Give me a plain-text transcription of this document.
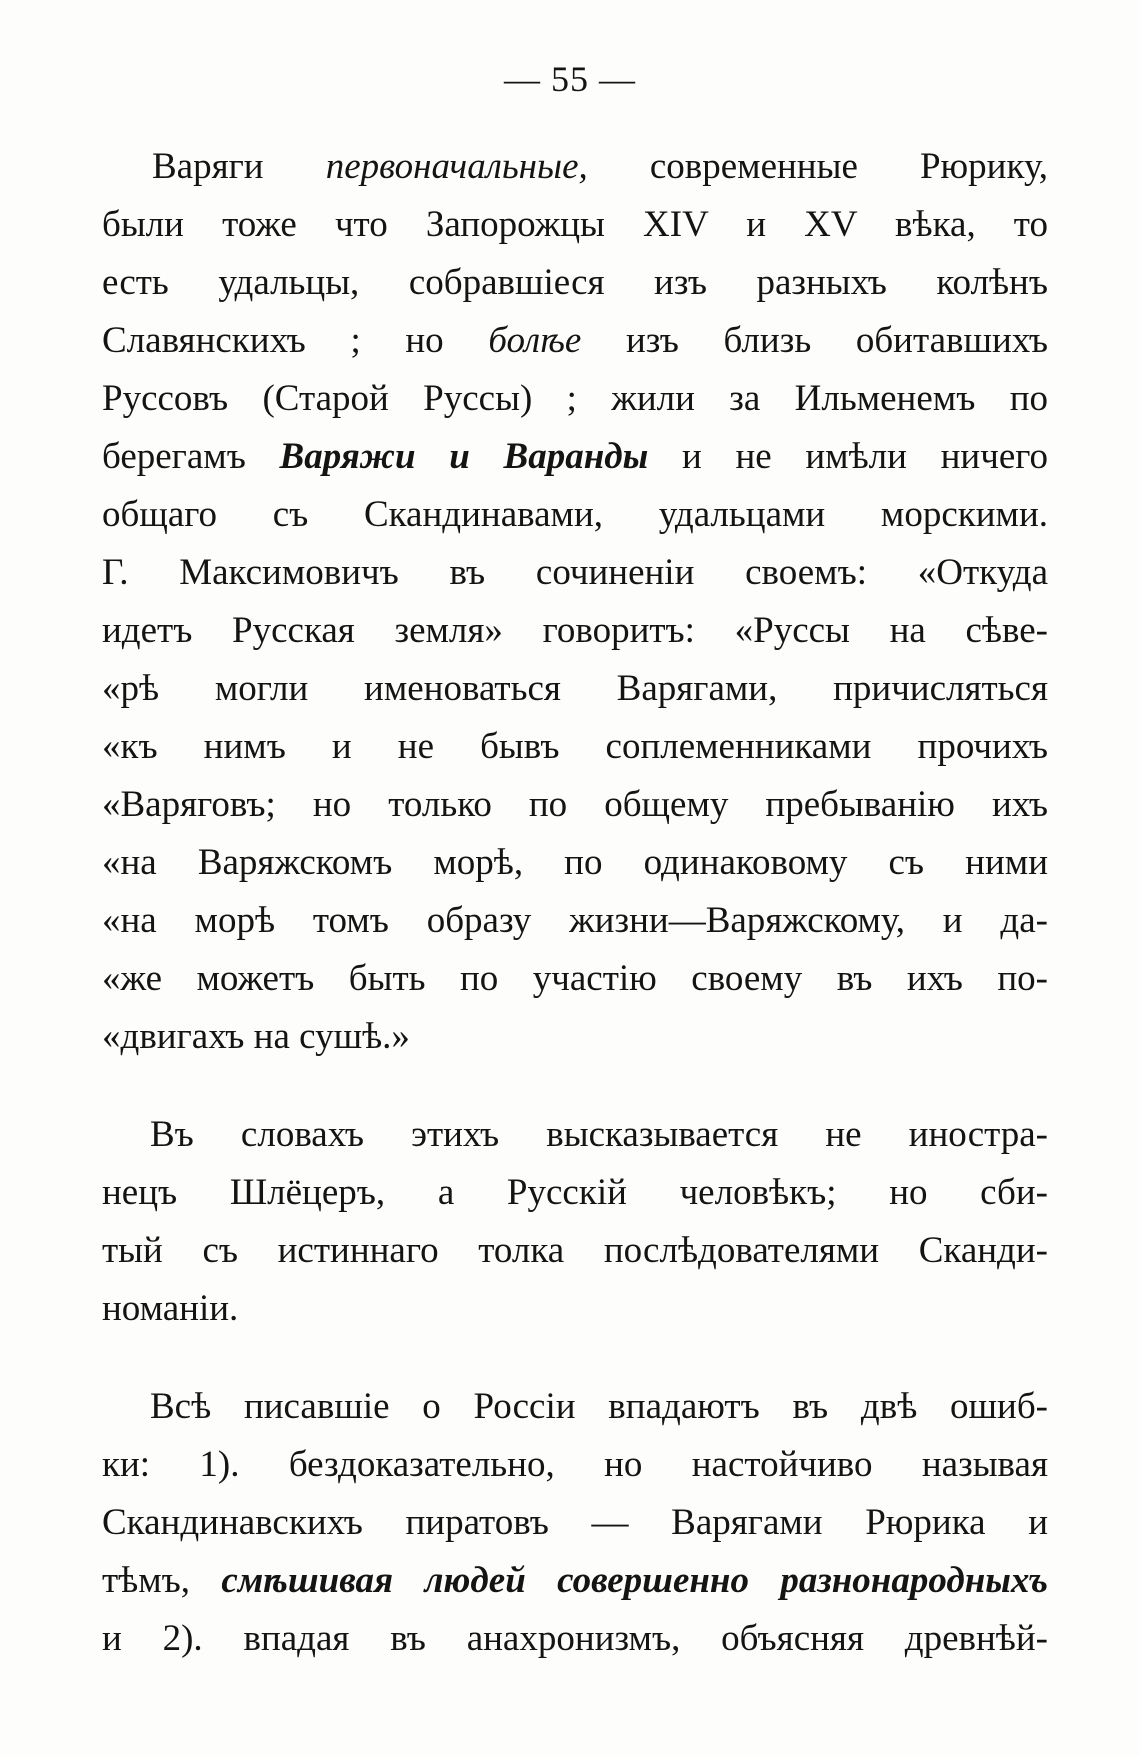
— 55 —
Варяги первоначальные, современные Рюрику,
были тоже что Запорожцы XIV и XV вѣка, то
есть удальцы, собравшіеся изъ разныхъ колѣнъ
Славянскихъ ; но болѣе изъ близь обитавшихъ
Руссовъ (Старой Руссы) ; жили за Ильменемъ по
берегамъ Варяжи и Варанды и не имѣли ничего
общаго съ Скандинавами, удальцами морскими.
Г. Максимовичъ въ сочиненіи своемъ: «Откуда
идетъ Русская земля» говоритъ: «Руссы на сѣве-
«рѣ могли именоваться Варягами, причисляться
«къ нимъ и не бывъ соплеменниками прочихъ
«Варяговъ; но только по общему пребыванію ихъ
«на Варяжскомъ морѣ, по одинаковому съ ними
«на морѣ томъ образу жизни—Варяжскому, и да-
«же можетъ быть по участію своему въ ихъ по-
«двигахъ на сушѣ.»
Въ словахъ этихъ высказывается не иностра-
нецъ Шлёцеръ, а Русскій человѣкъ; но сби-
тый съ истиннаго толка послѣдователями Сканди-
номаніи.
Всѣ писавшіе о Россіи впадаютъ въ двѣ ошиб-
ки: 1). бездоказательно, но настойчиво называя
Скандинавскихъ пиратовъ — Варягами Рюрика и
тѣмъ, смѣшивая людей совершенно разнонародныхъ
и 2). впадая въ анахронизмъ, объясняя древнѣй-
